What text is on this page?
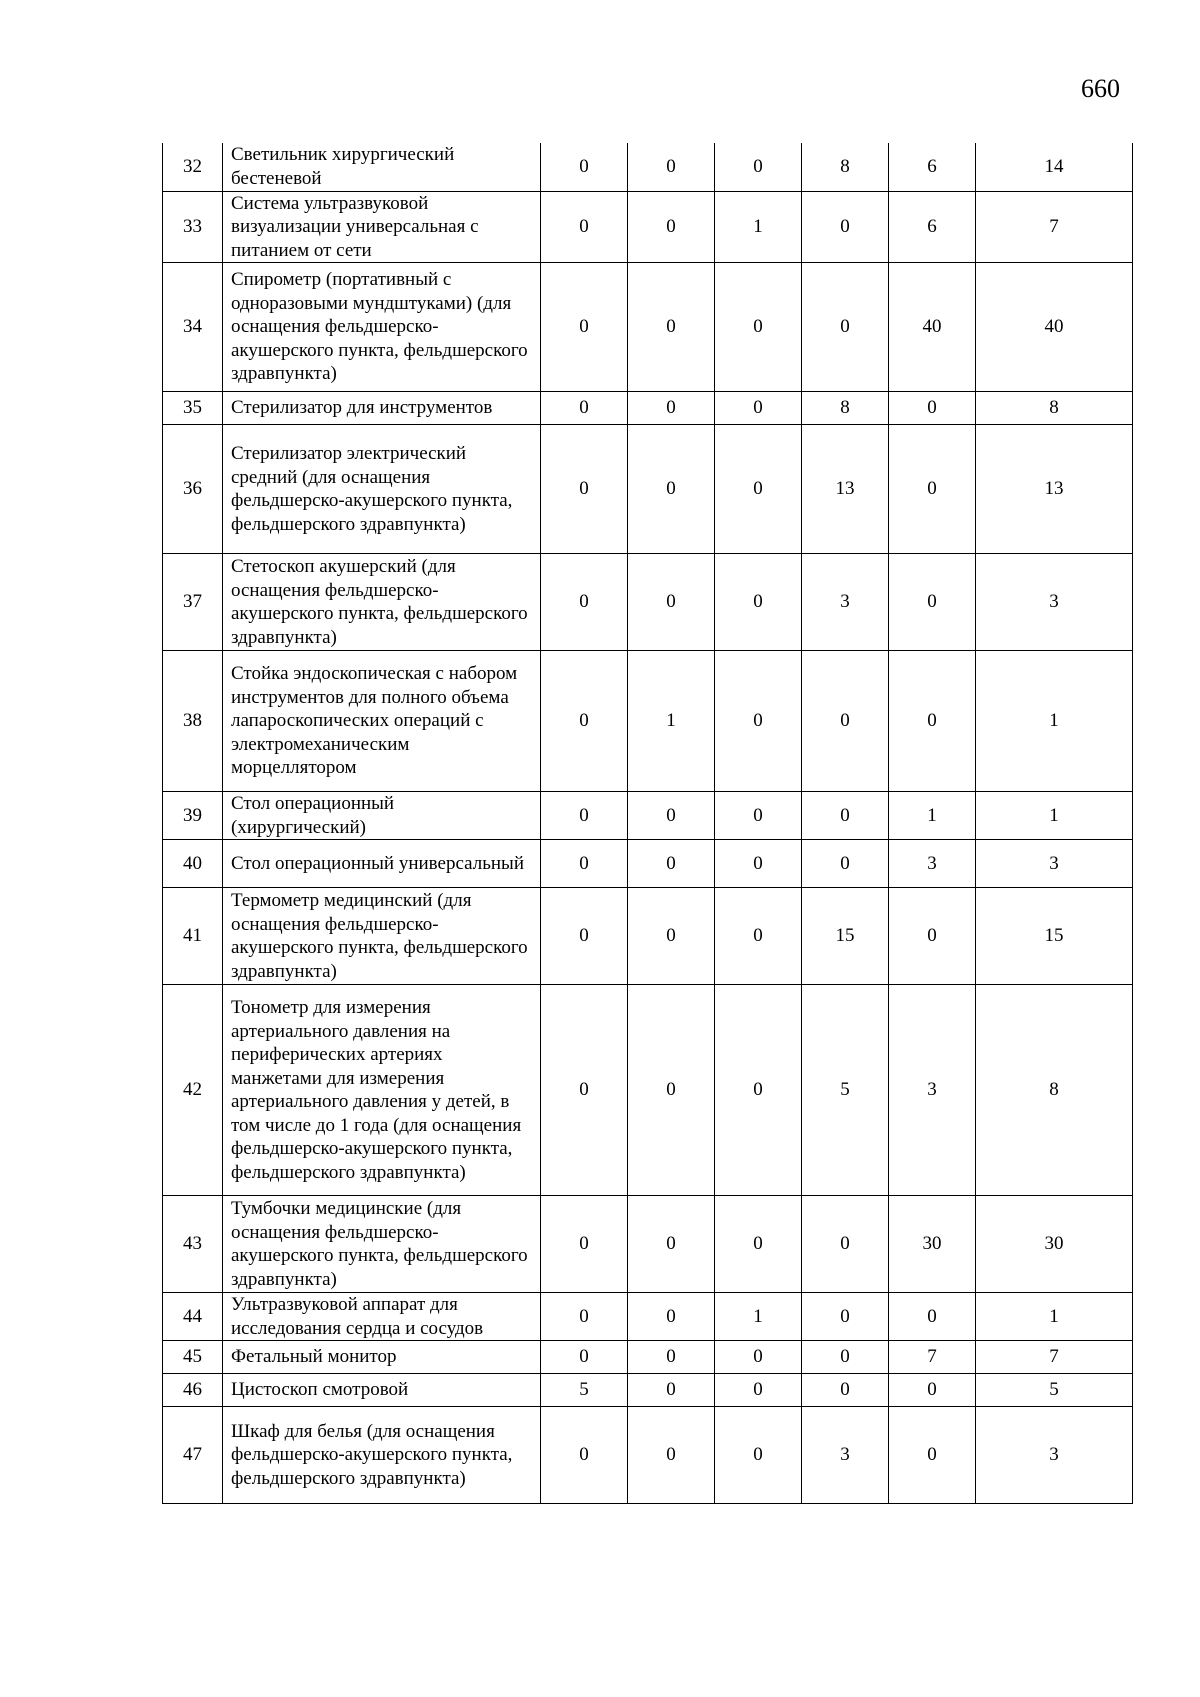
660
32	Светильник хирургический бестеневой	0	0	0	8	6	14
33	Система ультразвуковой визуализации универсальная с питанием от сети	0	0	1	0	6	7
34	Спирометр (портативный с одноразовыми мундштуками) (для оснащения фельдшерско-акушерского пункта, фельдшерского здравпункта)	0	0	0	0	40	40
35	Стерилизатор для инструментов	0	0	0	8	0	8
36	Стерилизатор электрический средний (для оснащения фельдшерско-акушерского пункта, фельдшерского здравпункта)	0	0	0	13	0	13
37	Стетоскоп акушерский (для оснащения фельдшерско-акушерского пункта, фельдшерского здравпункта)	0	0	0	3	0	3
38	Стойка эндоскопическая с набором инструментов для полного объема лапароскопических операций с электромеханическим морцеллятором	0	1	0	0	0	1
39	Стол операционный (хирургический)	0	0	0	0	1	1
40	Стол операционный универсальный	0	0	0	0	3	3
41	Термометр медицинский (для оснащения фельдшерско-акушерского пункта, фельдшерского здравпункта)	0	0	0	15	0	15
42	Тонометр для измерения артериального давления на периферических артериях манжетами для измерения артериального давления у детей, в том числе до 1 года (для оснащения фельдшерско-акушерского пункта, фельдшерского здравпункта)	0	0	0	5	3	8
43	Тумбочки медицинские (для оснащения фельдшерско-акушерского пункта, фельдшерского здравпункта)	0	0	0	0	30	30
44	Ультразвуковой аппарат для исследования сердца и сосудов	0	0	1	0	0	1
45	Фетальный монитор	0	0	0	0	7	7
46	Цистоскоп смотровой	5	0	0	0	0	5
47	Шкаф для белья (для оснащения фельдшерско-акушерского пункта, фельдшерского здравпункта)	0	0	0	3	0	3
